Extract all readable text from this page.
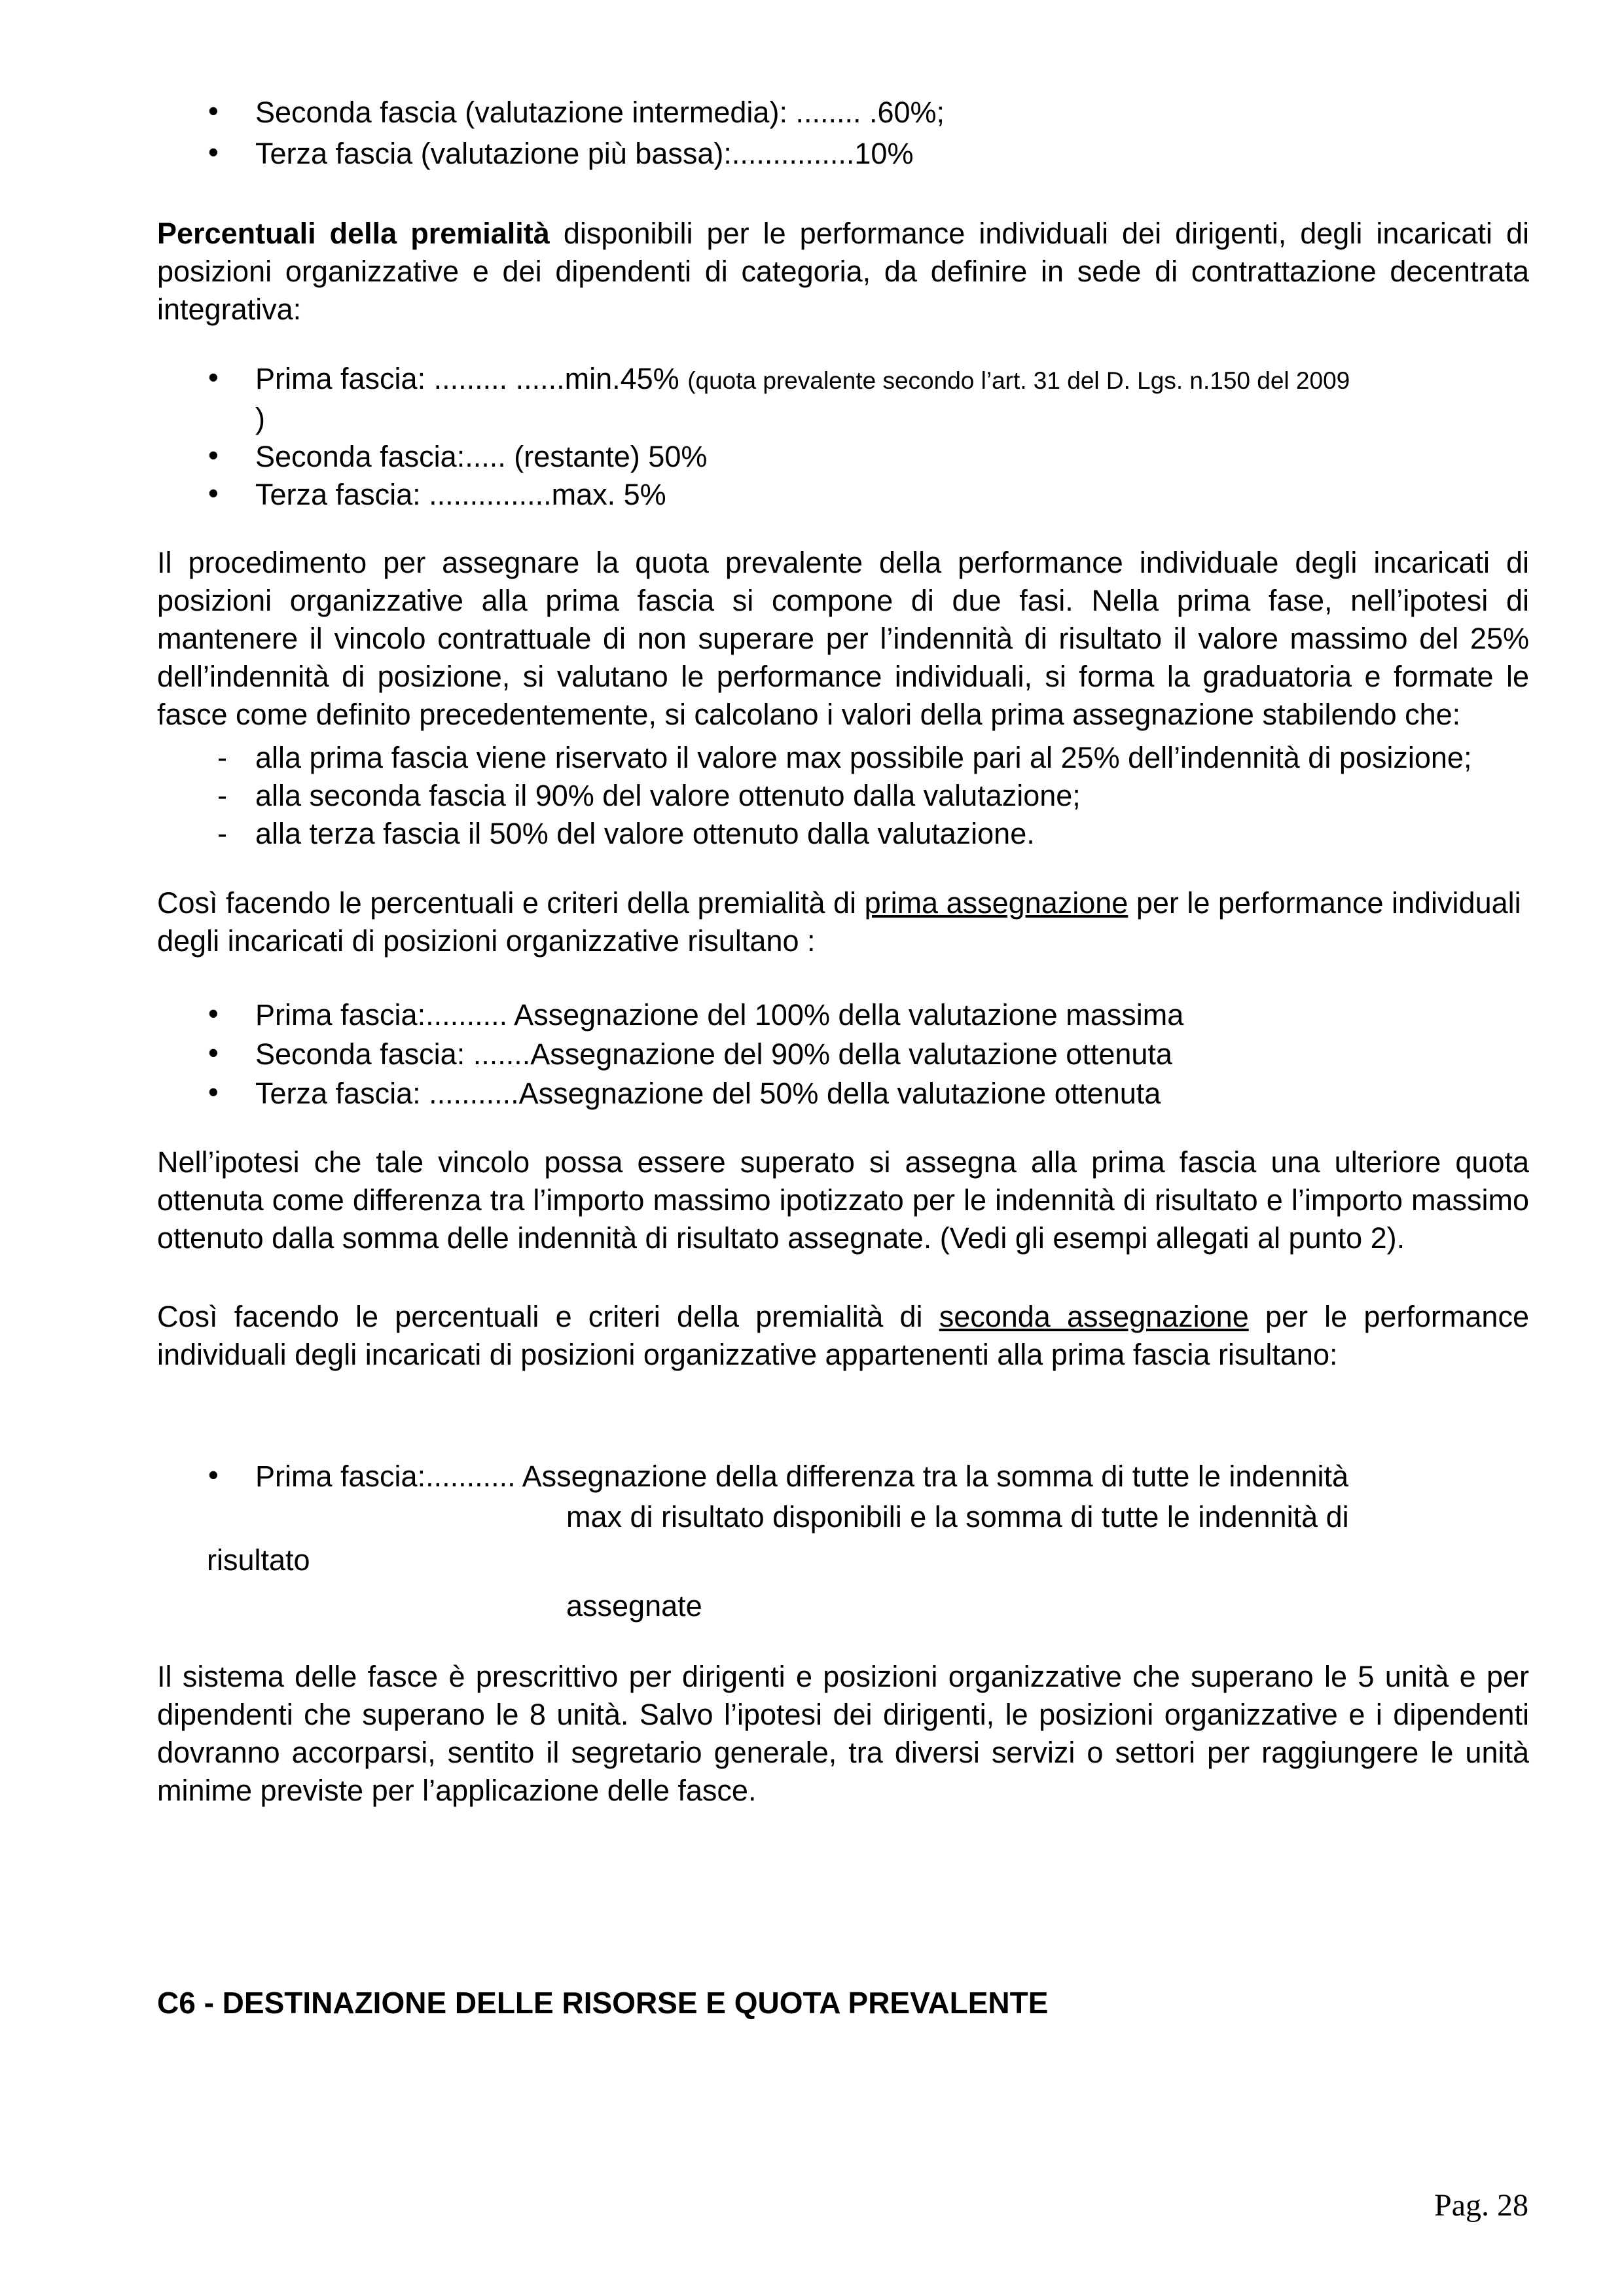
• Seconda fascia (valutazione intermedia): ........ .60%;
• Terza fascia (valutazione più bassa):...............10%

Percentuali della premialità disponibili per le performance individuali dei dirigenti, degli incaricati di posizioni organizzative e dei dipendenti di categoria, da definire in sede di contrattazione decentrata integrativa:

• Prima fascia: ......... ......min.45% (quota prevalente secondo l’art. 31 del D. Lgs. n.150 del 2009
)
• Seconda fascia:..... (restante) 50%
• Terza fascia: ...............max. 5%

Il procedimento per assegnare la quota prevalente della performance individuale degli incaricati di posizioni organizzative alla prima fascia si compone di due fasi. Nella prima fase, nell’ipotesi di mantenere il vincolo contrattuale di non superare per l’indennità di risultato il valore massimo del 25% dell’indennità di posizione, si valutano le performance individuali, si forma la graduatoria e formate le fasce come definito precedentemente, si calcolano i valori della prima assegnazione stabilendo che:

- alla prima fascia viene riservato il valore max possibile pari al 25% dell’indennità di posizione;
- alla seconda fascia il 90% del valore ottenuto dalla valutazione;
- alla terza fascia il 50% del valore ottenuto dalla valutazione.

Così facendo le percentuali e criteri della premialità di prima assegnazione per le performance individuali degli incaricati di posizioni organizzative risultano :

• Prima fascia:.......... Assegnazione del 100% della valutazione massima
• Seconda fascia: .......Assegnazione del 90% della valutazione ottenuta
• Terza fascia: ...........Assegnazione del 50% della valutazione ottenuta

Nell’ipotesi che tale vincolo possa essere superato si assegna alla prima fascia una ulteriore quota ottenuta come differenza tra l’importo massimo ipotizzato per le indennità di risultato e l’importo massimo ottenuto dalla somma delle indennità di risultato assegnate. (Vedi gli esempi allegati al punto 2).

Così facendo le percentuali e criteri della premialità di seconda assegnazione per le performance individuali degli incaricati di posizioni organizzative appartenenti alla prima fascia risultano:

• Prima fascia:........... Assegnazione della differenza tra la somma di tutte le indennità
max di risultato disponibili e la somma di tutte le indennità di
risultato
assegnate

Il sistema delle fasce è prescrittivo per dirigenti e posizioni organizzative che superano le 5 unità e per dipendenti che superano le 8 unità. Salvo l’ipotesi dei dirigenti, le posizioni organizzative e i dipendenti dovranno accorparsi, sentito il segretario generale, tra diversi servizi o settori per raggiungere le unità minime previste per l’applicazione delle fasce.

C6 - DESTINAZIONE DELLE RISORSE E QUOTA PREVALENTE

Pag. 28
